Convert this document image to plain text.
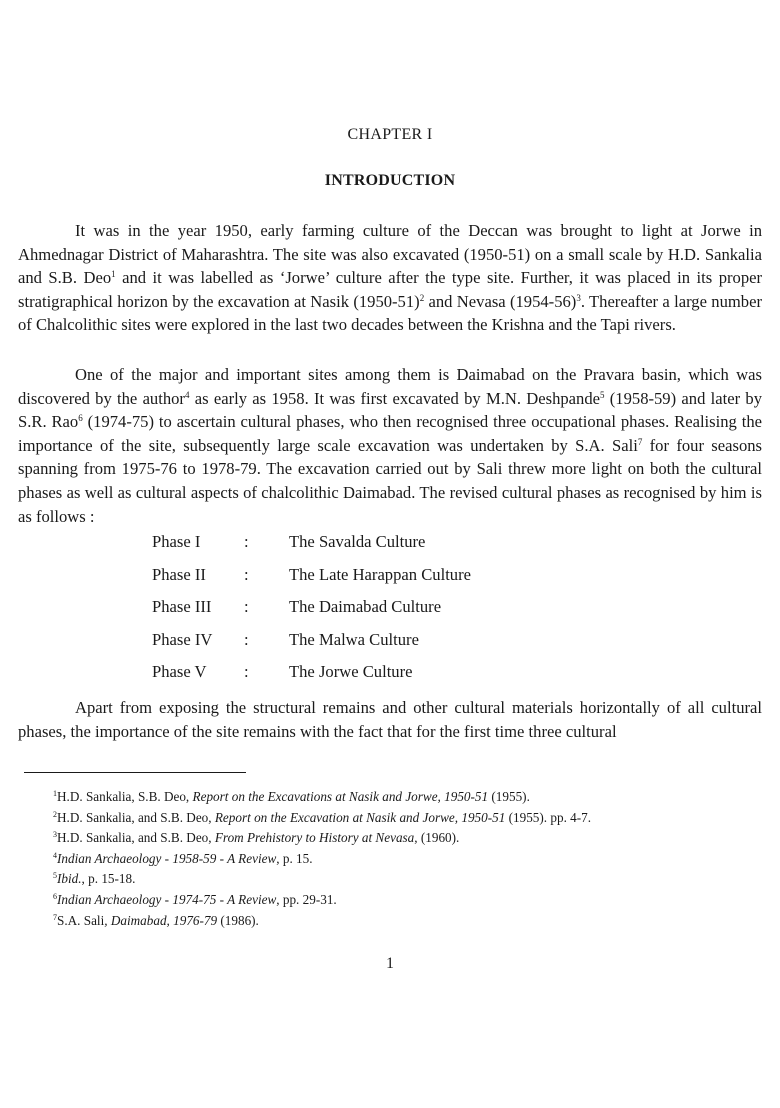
CHAPTER I
INTRODUCTION

It was in the year 1950, early farming culture of the Deccan was brought to light at Jorwe in Ahmednagar District of Maharashtra. The site was also excavated (1950-51) on a small scale by H.D. Sankalia and S.B. Deo$^1$ and it was labelled as ‘Jorwe’ culture after the type site. Further, it was placed in its proper stratigraphical horizon by the excavation at Nasik (1950-51)$^2$ and Nevasa (1954-56)$^3$. Thereafter a large number of Chalcolithic sites were explored in the last two decades between the Krishna and the Tapi rivers.

One of the major and important sites among them is Daimabad on the Pravara basin, which was discovered by the author$^4$ as early as 1958. It was first excavated by M.N. Deshpande$^5$ (1958-59) and later by S.R. Rao$^6$ (1974-75) to ascertain cultural phases, who then recognised three occupational phases. Realising the importance of the site, subsequently large scale excavation was undertaken by S.A. Sali$^7$ for four seasons spanning from 1975-76 to 1978-79. The excavation carried out by Sali threw more light on both the cultural phases as well as cultural aspects of chalcolithic Daimabad. The revised cultural phases as recognised by him is as follows :

Phase I	: The Savalda Culture
Phase II : The Late Harappan Culture
Phase III : The Daimabad Culture
Phase IV : The Malwa Culture
Phase V : The Jorwe Culture

Apart from exposing the structural remains and other cultural materials horizontally of all cultural phases, the importance of the site remains with the fact that for the first time three cultural

$^1$H.D. Sankalia, S.B. Deo, Report on the Excavations at Nasik and Jorwe, 1950-51 (1955).
$^2$H.D. Sankalia, and S.B. Deo, Report on the Excavation at Nasik and Jorwe, 1950-51 (1955). pp. 4-7.
$^3$H.D. Sankalia, and S.B. Deo, From Prehistory to History at Nevasa, (1960).
$^4$Indian Archaeology - 1958-59 - A Review, p. 15.
$^5$Ibid., p. 15-18.
$^6$Indian Archaeology - 1974-75 - A Review, pp. 29-31.
$^7$S.A. Sali, Daimabad, 1976-79 (1986).
1
